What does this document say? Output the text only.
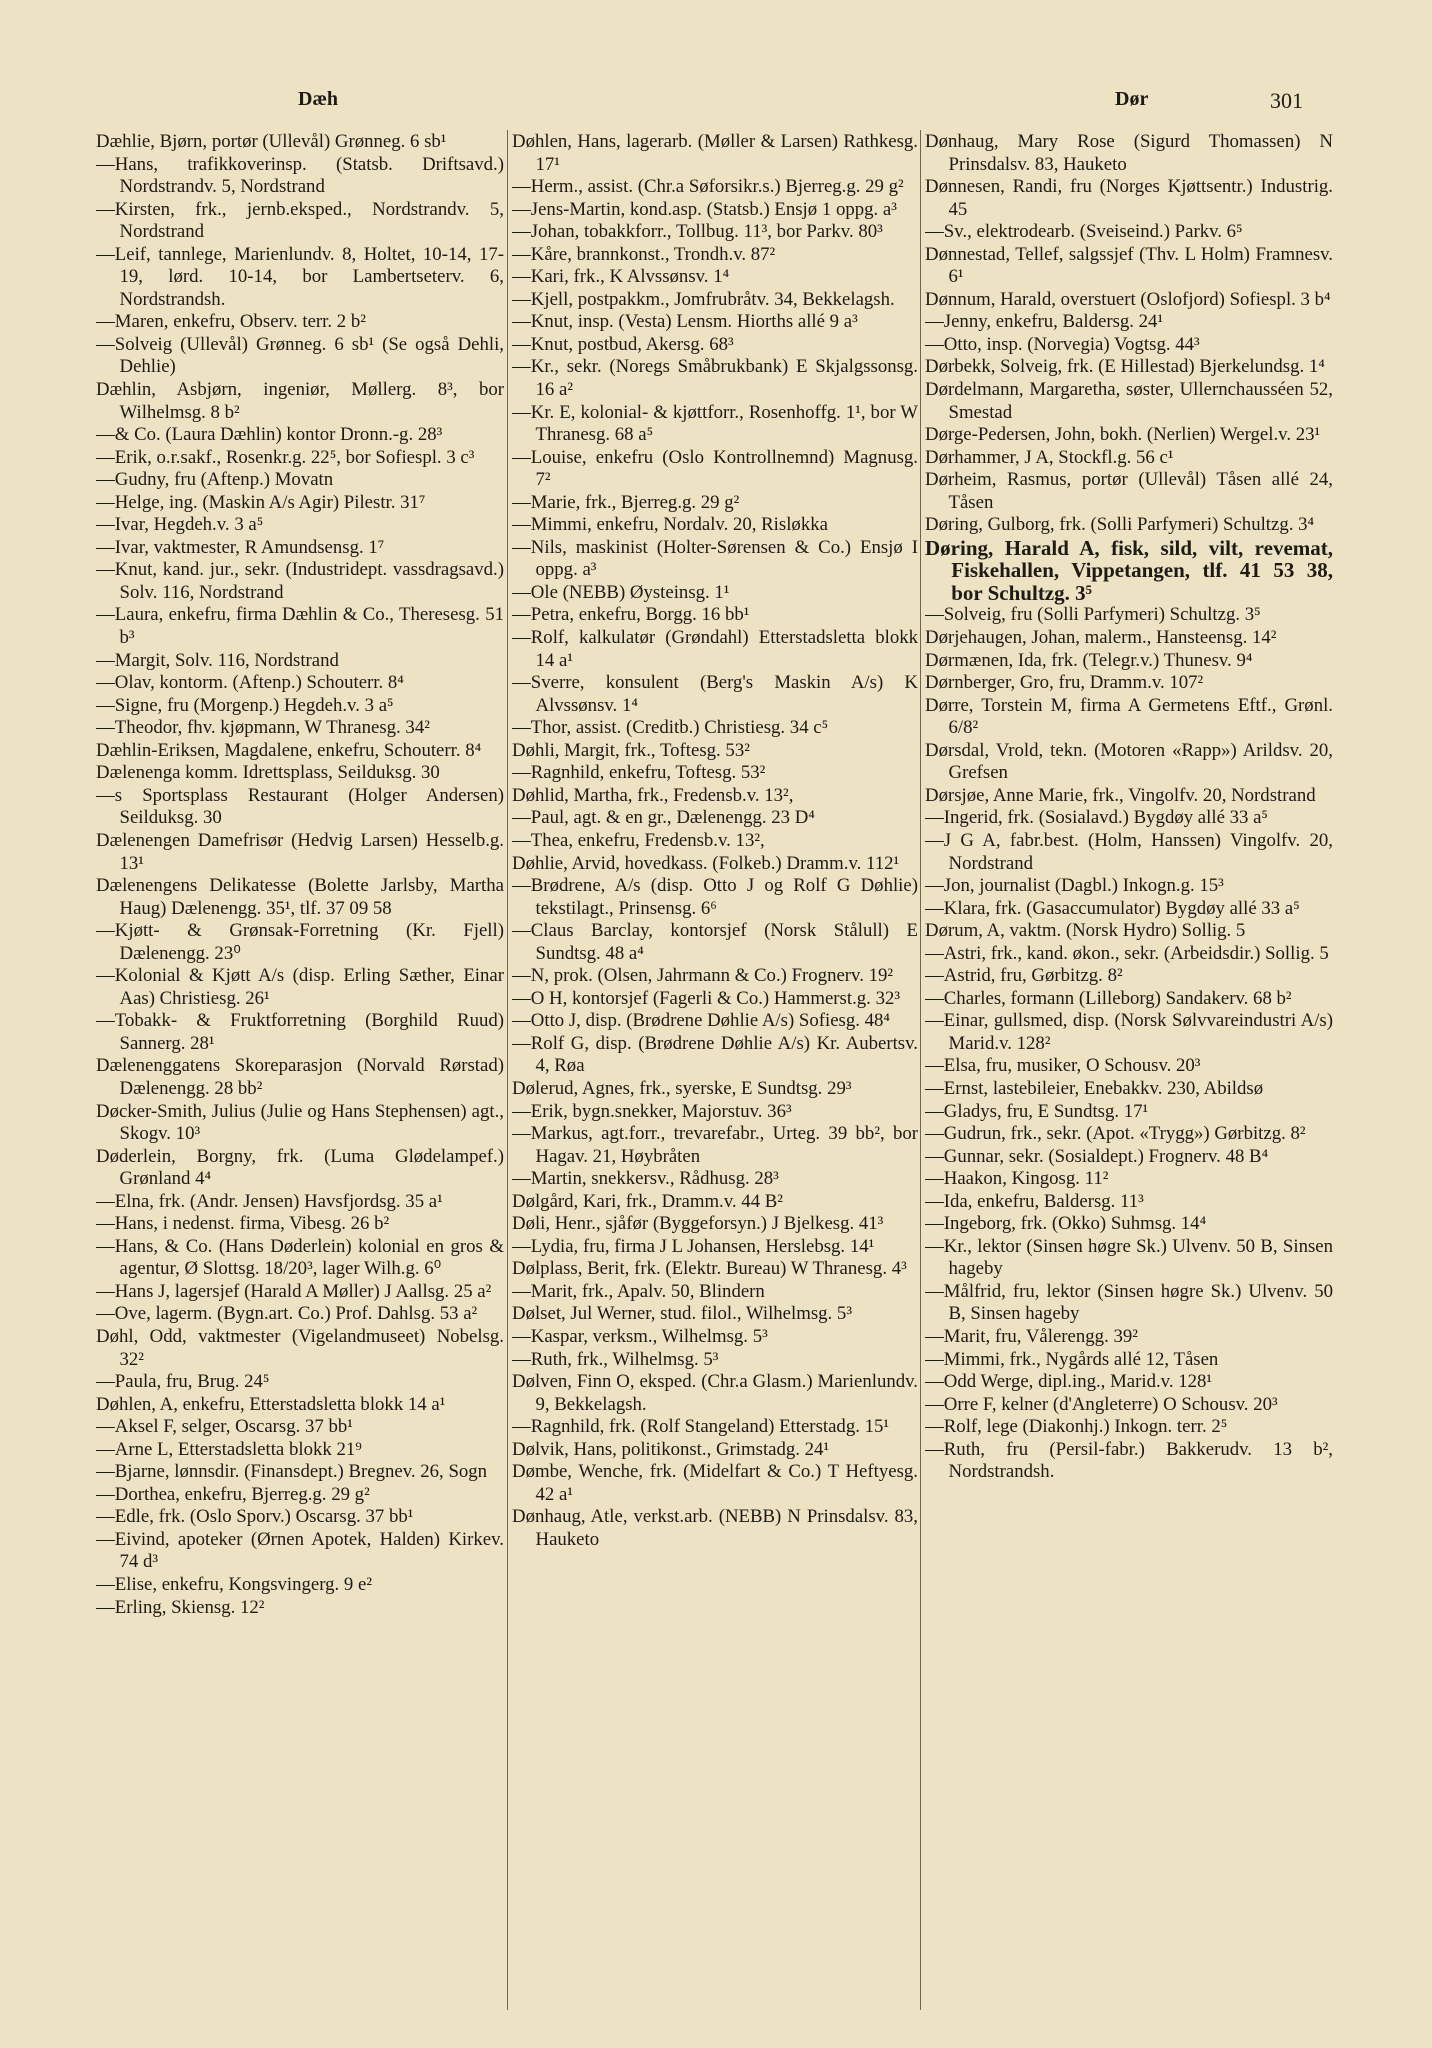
Dæh	Dør	301

Dæhlie, Bjørn, portør (Ullevål) Grønneg. 6 sb¹

—Hans, trafikkoverinsp. (Statsb. Driftsavd.) Nordstrandv. 5, Nordstrand

—Kirsten, frk., jernb.eksped., Nordstrandv. 5, Nordstrand

—Leif, tannlege, Marienlundv. 8, Holtet, 10-14, 17-19, lørd. 10-14, bor Lambertseterv. 6, Nordstrandsh.

—Maren, enkefru, Observ. terr. 2 b²

—Solveig (Ullevål) Grønneg. 6 sb¹ (Se også Dehli, Dehlie)

Dæhlin, Asbjørn, ingeniør, Møllerg. 8³, bor Wilhelmsg. 8 b²

—& Co. (Laura Dæhlin) kontor Dronn.-g. 28³

—Erik, o.r.sakf., Rosenkr.g. 22⁵, bor Sofiespl. 3 c³

—Gudny, fru (Aftenp.) Movatn

—Helge, ing. (Maskin A/s Agir) Pilestr. 31⁷

—Ivar, Hegdeh.v. 3 a⁵

—Ivar, vaktmester, R Amundsensg. 1⁷

—Knut, kand. jur., sekr. (Industridept. vassdragsavd.) Solv. 116, Nordstrand

—Laura, enkefru, firma Dæhlin & Co., Theresesg. 51 b³

—Margit, Solv. 116, Nordstrand

—Olav, kontorm. (Aftenp.) Schouterr. 8⁴

—Signe, fru (Morgenp.) Hegdeh.v. 3 a⁵

—Theodor, fhv. kjøpmann, W Thranesg. 34²

Dæhlin-Eriksen, Magdalene, enkefru, Schouterr. 8⁴

Dælenenga komm. Idrettsplass, Seilduksg. 30

—s Sportsplass Restaurant (Holger Andersen) Seilduksg. 30

Dælenengen Damefrisør (Hedvig Larsen) Hesselb.g. 13¹

Dælenengens Delikatesse (Bolette Jarlsby, Martha Haug) Dælenengg. 35¹, tlf. 37 09 58

—Kjøtt- & Grønsak-Forretning (Kr. Fjell) Dælenengg. 23⁰

—Kolonial & Kjøtt A/s (disp. Erling Sæther, Einar Aas) Christiesg. 26¹

—Tobakk- & Fruktforretning (Borghild Ruud) Sannerg. 28¹

Dælenenggatens Skoreparasjon (Norvald Rørstad) Dælenengg. 28 bb²

Døcker-Smith, Julius (Julie og Hans Stephensen) agt., Skogv. 10³

Døderlein, Borgny, frk. (Luma Glødelampef.) Grønland 4⁴

—Elna, frk. (Andr. Jensen) Havsfjordsg. 35 a¹

—Hans, i nedenst. firma, Vibesg. 26 b²

—Hans, & Co. (Hans Døderlein) kolonial en gros & agentur, Ø Slottsg. 18/20³, lager Wilh.g. 6⁰

—Hans J, lagersjef (Harald A Møller) J Aallsg. 25 a²

—Ove, lagerm. (Bygn.art. Co.) Prof. Dahlsg. 53 a²

Døhl, Odd, vaktmester (Vigelandmuseet) Nobelsg. 32²

—Paula, fru, Brug. 24⁵

Døhlen, A, enkefru, Etterstadsletta blokk 14 a¹

—Aksel F, selger, Oscarsg. 37 bb¹

—Arne L, Etterstadsletta blokk 21⁹

—Bjarne, lønnsdir. (Finansdept.) Bregnev. 26, Sogn

—Dorthea, enkefru, Bjerreg.g. 29 g²

—Edle, frk. (Oslo Sporv.) Oscarsg. 37 bb¹

—Eivind, apoteker (Ørnen Apotek, Halden) Kirkev. 74 d³

—Elise, enkefru, Kongsvingerg. 9 e²

—Erling, Skiensg. 12²

Døhlen, Hans, lagerarb. (Møller & Larsen) Rathkesg. 17¹

—Herm., assist. (Chr.a Søforsikr.s.) Bjerreg.g. 29 g²

—Jens-Martin, kond.asp. (Statsb.) Ensjø 1 oppg. a³

—Johan, tobakkforr., Tollbug. 11³, bor Parkv. 80³

—Kåre, brannkonst., Trondh.v. 87²

—Kari, frk., K Alvssønsv. 1⁴

—Kjell, postpakkm., Jomfrubråtv. 34, Bekkelagsh.

—Knut, insp. (Vesta) Lensm. Hiorths allé 9 a³

—Knut, postbud, Akersg. 68³

—Kr., sekr. (Noregs Småbrukbank) E Skjalgssonsg. 16 a²

—Kr. E, kolonial- & kjøttforr., Rosenhoffg. 1¹, bor W Thranesg. 68 a⁵

—Louise, enkefru (Oslo Kontrollnemnd) Magnusg. 7²

—Marie, frk., Bjerreg.g. 29 g²

—Mimmi, enkefru, Nordalv. 20, Risløkka

—Nils, maskinist (Holter-Sørensen & Co.) Ensjø I oppg. a³

—Ole (NEBB) Øysteinsg. 1¹

—Petra, enkefru, Borgg. 16 bb¹

—Rolf, kalkulatør (Grøndahl) Etterstadsletta blokk 14 a¹

—Sverre, konsulent (Berg's Maskin A/s) K Alvssønsv. 1⁴

—Thor, assist. (Creditb.) Christiesg. 34 c⁵

Døhli, Margit, frk., Toftesg. 53²

—Ragnhild, enkefru, Toftesg. 53²

Døhlid, Martha, frk., Fredensb.v. 13²,

—Paul, agt. & en gr., Dælenengg. 23 D⁴

—Thea, enkefru, Fredensb.v. 13²,

Døhlie, Arvid, hovedkass. (Folkeb.) Dramm.v. 112¹

—Brødrene, A/s (disp. Otto J og Rolf G Døhlie) tekstilagt., Prinsensg. 6⁶

—Claus Barclay, kontorsjef (Norsk Stålull) E Sundtsg. 48 a⁴

—N, prok. (Olsen, Jahrmann & Co.) Frognerv. 19²

—O H, kontorsjef (Fagerli & Co.) Hammerst.g. 32³

—Otto J, disp. (Brødrene Døhlie A/s) Sofiesg. 48⁴

—Rolf G, disp. (Brødrene Døhlie A/s) Kr. Aubertsv. 4, Røa

Dølerud, Agnes, frk., syerske, E Sundtsg. 29³

—Erik, bygn.snekker, Majorstuv. 36³

—Markus, agt.forr., trevarefabr., Urteg. 39 bb², bor Hagav. 21, Høybråten

—Martin, snekkersv., Rådhusg. 28³

Dølgård, Kari, frk., Dramm.v. 44 B²

Døli, Henr., sjåfør (Byggeforsyn.) J Bjelkesg. 41³

—Lydia, fru, firma J L Johansen, Herslebsg. 14¹

Dølplass, Berit, frk. (Elektr. Bureau) W Thranesg. 4³

—Marit, frk., Apalv. 50, Blindern

Dølset, Jul Werner, stud. filol., Wilhelmsg. 5³

—Kaspar, verksm., Wilhelmsg. 5³

—Ruth, frk., Wilhelmsg. 5³

Dølven, Finn O, eksped. (Chr.a Glasm.) Marienlundv. 9, Bekkelagsh.

—Ragnhild, frk. (Rolf Stangeland) Etterstadg. 15¹

Dølvik, Hans, politikonst., Grimstadg. 24¹

Dømbe, Wenche, frk. (Midelfart & Co.) T Heftyesg. 42 a¹

Dønhaug, Atle, verkst.arb. (NEBB) N Prinsdalsv. 83, Hauketo

Dønhaug, Mary Rose (Sigurd Thomassen) N Prinsdalsv. 83, Hauketo

Dønnesen, Randi, fru (Norges Kjøttsentr.) Industrig. 45

—Sv., elektrodearb. (Sveiseind.) Parkv. 6⁵

Dønnestad, Tellef, salgssjef (Thv. L Holm) Framnesv. 6¹

Dønnum, Harald, overstuert (Oslofjord) Sofiespl. 3 b⁴

—Jenny, enkefru, Baldersg. 24¹

—Otto, insp. (Norvegia) Vogtsg. 44³

Dørbekk, Solveig, frk. (E Hillestad) Bjerkelundsg. 1⁴

Dørdelmann, Margaretha, søster, Ullernchausséen 52, Smestad

Dørge-Pedersen, John, bokh. (Nerlien) Wergel.v. 23¹

Dørhammer, J A, Stockfl.g. 56 c¹

Dørheim, Rasmus, portør (Ullevål) Tåsen allé 24, Tåsen

Døring, Gulborg, frk. (Solli Parfymeri) Schultzg. 3⁴

Døring, Harald A, fisk, sild, vilt, revemat, Fiskehallen, Vippetangen, tlf. 41 53 38, bor Schultzg. 3⁵

—Solveig, fru (Solli Parfymeri) Schultzg. 3⁵

Dørjehaugen, Johan, malerm., Hansteensg. 14²

Dørmænen, Ida, frk. (Telegr.v.) Thunesv. 9⁴

Dørnberger, Gro, fru, Dramm.v. 107²

Dørre, Torstein M, firma A Germetens Eftf., Grønl. 6/8²

Dørsdal, Vrold, tekn. (Motoren «Rapp») Arildsv. 20, Grefsen

Dørsjøe, Anne Marie, frk., Vingolfv. 20, Nordstrand

—Ingerid, frk. (Sosialavd.) Bygdøy allé 33 a⁵

—J G A, fabr.best. (Holm, Hanssen) Vingolfv. 20, Nordstrand

—Jon, journalist (Dagbl.) Inkogn.g. 15³

—Klara, frk. (Gasaccumulator) Bygdøy allé 33 a⁵

Dørum, A, vaktm. (Norsk Hydro) Sollig. 5

—Astri, frk., kand. økon., sekr. (Arbeidsdir.) Sollig. 5

—Astrid, fru, Gørbitzg. 8²

—Charles, formann (Lilleborg) Sandakerv. 68 b²

—Einar, gullsmed, disp. (Norsk Sølvvareindustri A/s) Marid.v. 128²

—Elsa, fru, musiker, O Schousv. 20³

—Ernst, lastebileier, Enebakkv. 230, Abildsø

—Gladys, fru, E Sundtsg. 17¹

—Gudrun, frk., sekr. (Apot. «Trygg») Gørbitzg. 8²

—Gunnar, sekr. (Sosialdept.) Frognerv. 48 B⁴

—Haakon, Kingosg. 11²

—Ida, enkefru, Baldersg. 11³

—Ingeborg, frk. (Okko) Suhmsg. 14⁴

—Kr., lektor (Sinsen høgre Sk.) Ulvenv. 50 B, Sinsen hageby

—Målfrid, fru, lektor (Sinsen høgre Sk.) Ulvenv. 50 B, Sinsen hageby

—Marit, fru, Vålerengg. 39²

—Mimmi, frk., Nygårds allé 12, Tåsen

—Odd Werge, dipl.ing., Marid.v. 128¹

—Orre F, kelner (d'Angleterre) O Schousv. 20³

—Rolf, lege (Diakonhj.) Inkogn. terr. 2⁵

—Ruth, fru (Persil-fabr.) Bakkerudv. 13 b², Nordstrandsh.
